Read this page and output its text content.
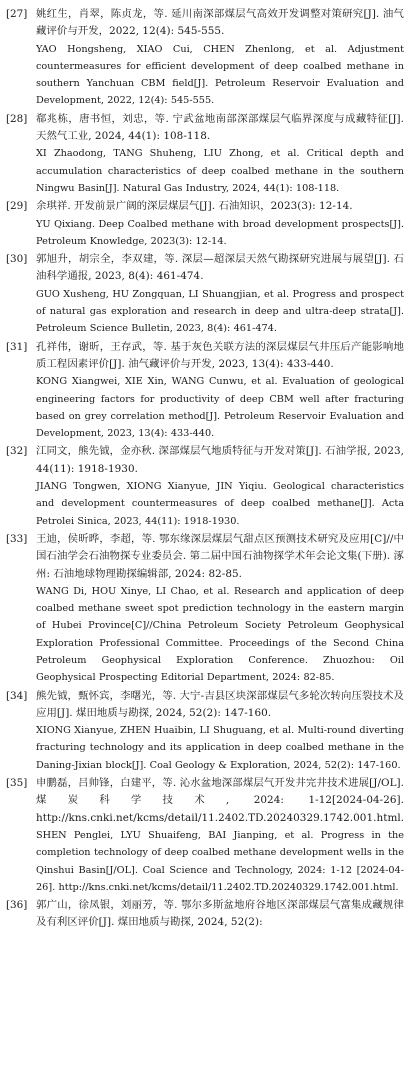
[27] 姚红生，肖翠，陈贞龙，等. 延川南深部煤层气高效开发调整对策研究[J]. 油气藏评价与开发，2022, 12(4): 545-555.
YAO Hongsheng, XIAO Cui, CHEN Zhenlong, et al. Adjustment countermeasures for efficient development of deep coalbed methane in southern Yanchuan CBM field[J]. Petroleum Reservoir Evaluation and Development, 2022, 12(4): 545-555.
[28] 郗兆栋，唐书恒，刘忠，等. 宁武盆地南部深部煤层气临界深度与成藏特征[J]. 天然气工业, 2024, 44(1): 108-118.
XI Zhaodong, TANG Shuheng, LIU Zhong, et al. Critical depth and accumulation characteristics of deep coalbed methane in the southern Ningwu Basin[J]. Natural Gas Industry, 2024, 44(1): 108-118.
[29] 余琪祥. 开发前景广阔的深层煤层气[J]. 石油知识，2023(3): 12-14.
YU Qixiang. Deep Coalbed methane with broad development prospects[J]. Petroleum Knowledge, 2023(3): 12-14.
[30] 郭旭升，胡宗全，李双建，等. 深层—超深层天然气勘探研究进展与展望[J]. 石油科学通报, 2023, 8(4): 461-474.
GUO Xusheng, HU Zongquan, LI Shuangjian, et al. Progress and prospect of natural gas exploration and research in deep and ultra-deep strata[J]. Petroleum Science Bulletin, 2023, 8(4): 461-474.
[31] 孔祥伟，谢昕，王存武，等. 基于灰色关联方法的深层煤层气井压后产能影响地质工程因素评价[J]. 油气藏评价与开发, 2023, 13(4): 433-440.
KONG Xiangwei, XIE Xin, WANG Cunwu, et al. Evaluation of geological engineering factors for productivity of deep CBM well after fracturing based on grey correlation method[J]. Petroleum Reservoir Evaluation and Development, 2023, 13(4): 433-440.
[32] 江同文，熊先钺，金亦秋. 深部煤层气地质特征与开发对策[J]. 石油学报, 2023, 44(11): 1918-1930.
JIANG Tongwen, XIONG Xianyue, JIN Yiqiu. Geological characteristics and development countermeasures of deep coalbed methane[J]. Acta Petrolei Sinica, 2023, 44(11): 1918-1930.
[33] 王迪，侯昕晔，李超，等. 鄂东缘深层煤层气甜点区预测技术研究及应用[C]//中国石油学会石油物探专业委员会. 第二届中国石油物探学术年会论文集(下册). 涿州: 石油地球物理勘探编辑部, 2024: 82-85.
WANG Di, HOU Xinye, LI Chao, et al. Research and application of deep coalbed methane sweet spot prediction technology in the eastern margin of Hubei Province[C]//China Petroleum Society Petroleum Geophysical Exploration Professional Committee. Proceedings of the Second China Petroleum Geophysical Exploration Conference. Zhuozhou: Oil Geophysical Prospecting Editorial Department, 2024: 82-85.
[34] 熊先钺，甄怀宾，李曙光，等. 大宁-吉县区块深部煤层气多轮次转向压裂技术及应用[J]. 煤田地质与勘探, 2024, 52(2): 147-160.
XIONG Xianyue, ZHEN Huaibin, LI Shuguang, et al. Multi-round diverting fracturing technology and its application in deep coalbed methane in the Daning-Jixian block[J]. Coal Geology & Exploration, 2024, 52(2): 147-160.
[35] 申鹏磊，吕帅锋，白建平，等. 沁水盆地深部煤层气开发井完井技术进展[J/OL]. 煤炭科学技术, 2024: 1-12[2024-04-26]. http://kns.cnki.net/kcms/detail/11.2402.TD.20240329.1742.001.html.
SHEN Penglei, LYU Shuaifeng, BAI Jianping, et al. Progress in the completion technology of deep coalbed methane development wells in the Qinshui Basin[J/OL]. Coal Science and Technology, 2024: 1-12 [2024-04-26]. http://kns.cnki.net/kcms/detail/11.2402.TD.20240329.1742.001.html.
[36] 郭广山，徐凤银，刘丽芳，等. 鄂尔多斯盆地府谷地区深部煤层气富集成藏规律及有利区评价[J]. 煤田地质与勘探, 2024, 52(2):
